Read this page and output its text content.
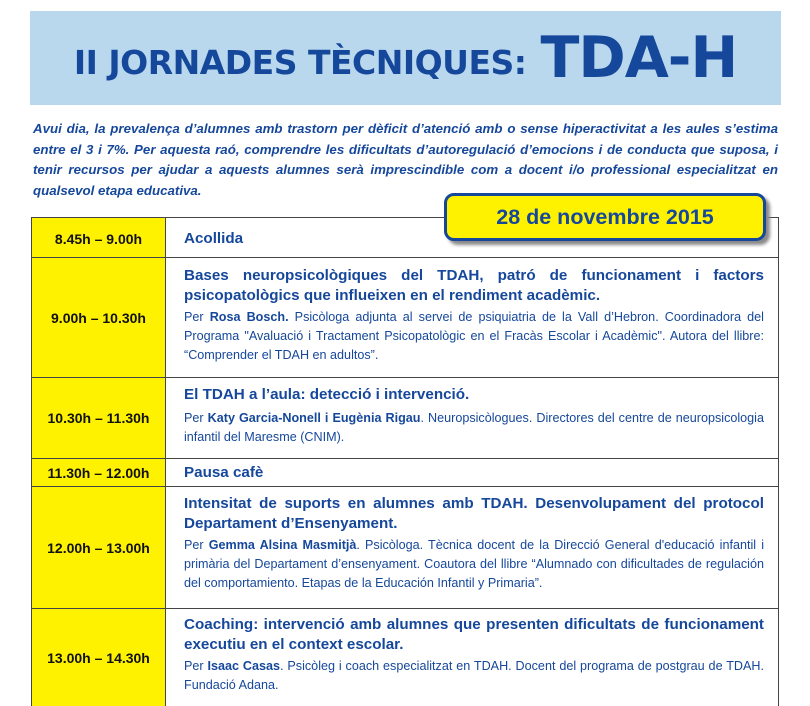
II JORNADES TÈCNIQUES: TDA-H

Avui dia, la prevalença d’alumnes amb trastorn per dèficit d’atenció amb o sense hiperactivitat a les aules s’estima entre el 3 i 7%. Per aquesta raó, comprendre les dificultats d’autoregulació d’emocions i de conducta que suposa, i tenir recursos per ajudar a aquests alumnes serà imprescindible com a docent i/o professional especialitzat en qualsevol etapa educativa.

28 de novembre 2015
8.45h – 9.00h	Acollida
9.00h – 10.30h
Bases neuropsicològiques del TDAH, patró de funcionament i factors psicopatològics que influeixen en el rendiment acadèmic.
Per Rosa Bosch. Psicòloga adjunta al servei de psiquiatria de la Vall d’Hebron. Coordinadora del Programa "Avaluació i Tractament Psicopatològic en el Fracàs Escolar i Acadèmic". Autora del llibre: “Comprender el TDAH en adultos”.
10.30h – 11.30h
El TDAH a l’aula: detecció i intervenció.
Per Katy Garcia-Nonell i Eugènia Rigau. Neuropsicòlogues. Directores del centre de neuropsicologia infantil del Maresme (CNIM).
11.30h – 12.00h	Pausa cafè
12.00h – 13.00h
Intensitat de suports en alumnes amb TDAH. Desenvolupament del protocol Departament d’Ensenyament.
Per Gemma Alsina Masmitjà. Psicòloga. Tècnica docent de la Direcció General d'educació infantil i primària del Departament d’ensenyament. Coautora del llibre “Alumnado con dificultades de regulación del comportamiento. Etapas de la Educación Infantil y Primaria”.
13.00h – 14.30h
Coaching: intervenció amb alumnes que presenten dificultats de funcionament executiu en el context escolar.
Per Isaac Casas. Psicòleg i coach especialitzat en TDAH. Docent del programa de postgrau de TDAH. Fundació Adana.
